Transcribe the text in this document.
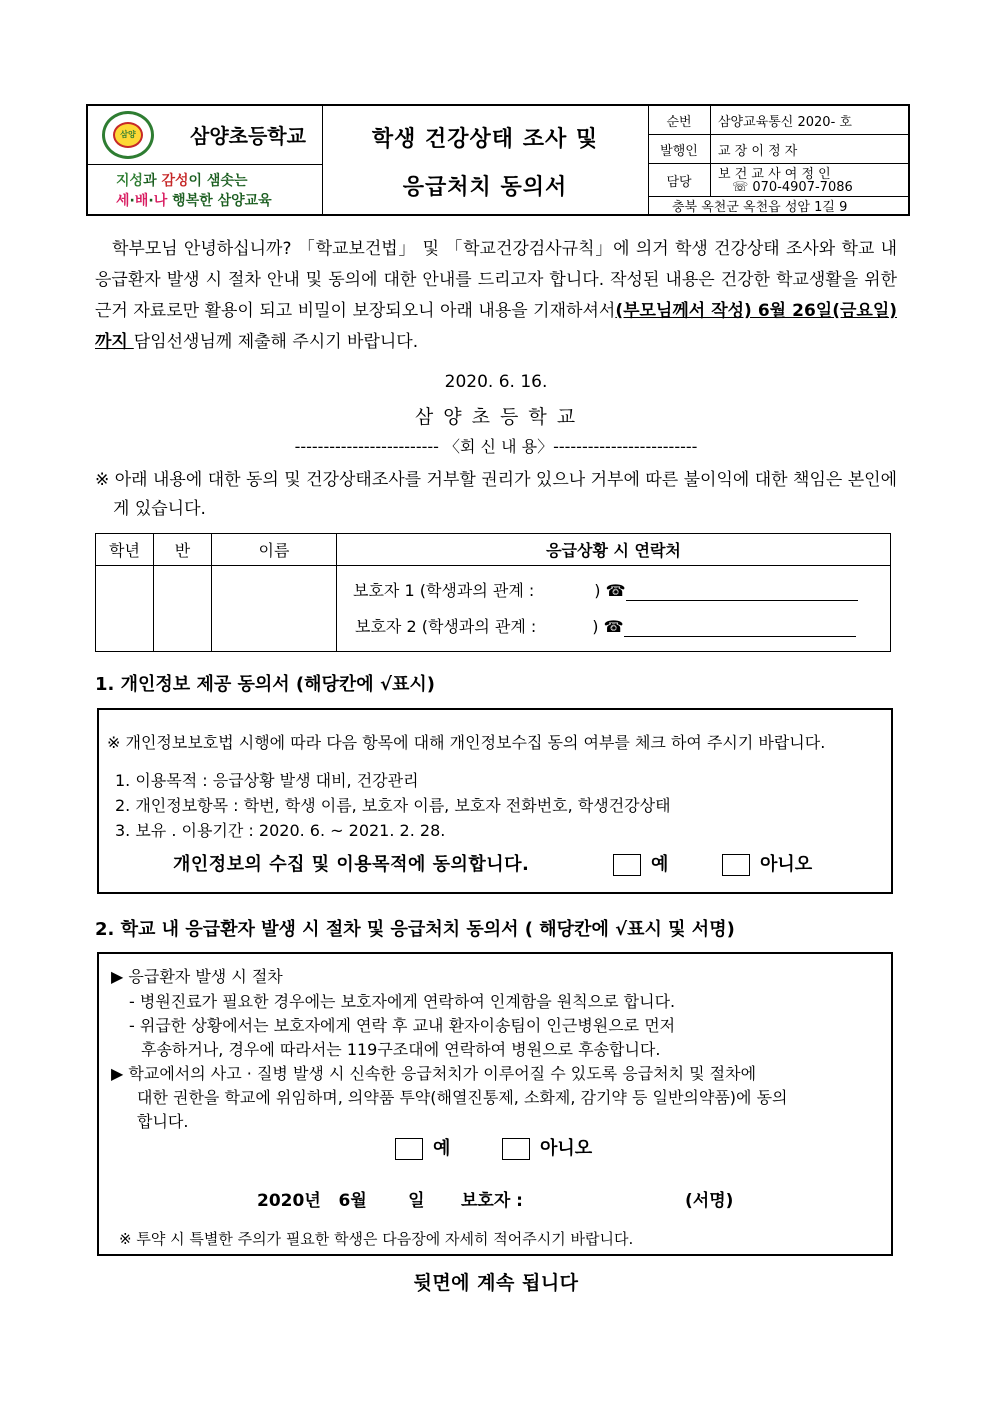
삼양	삼양초등학교
지성과 감성이 샘솟는
세·배·나 행복한 삼양교육
학생 건강상태 조사 및
응급처치 동의서
순번	삼양교육통신 2020- 호
발행인	교 장 이 정 자
담당
보 건 교 사 여 정 인
☏ 070-4907-7086
충북 옥천군 옥천읍 성암 1길 9
학부모님 안녕하십니까? 「학교보건법」 및 「학교건강검사규칙」에 의거 학생 건강상태 조사와 학교 내 응급환자 발생 시 절차 안내 및 동의에 대한 안내를 드리고자 합니다. 작성된 내용은 건강한 학교생활을 위한 근거 자료로만 활용이 되고 비밀이 보장되오니 아래 내용을 기재하셔서(부모님께서 작성) 6월 26일(금요일)까지 담임선생님께 제출해 주시기 바랍니다.
2020. 6. 16.
삼 양 초 등 학 교
------------------------- 〈회 신 내 용〉-------------------------
※ 아래 내용에 대한 동의 및 건강상태조사를 거부할 권리가 있으나 거부에 따른 불이익에 대한 책임은 본인에게 있습니다.
학년	반	이름	응급상황 시 연락처

			보호자 1 (학생과의 관계 : ) ☎
보호자 2 (학생과의 관계 : ) ☎
1. 개인정보 제공 동의서 (해당칸에 √표시)
※ 개인정보보호법 시행에 따라 다음 항목에 대해 개인정보수집 동의 여부를 체크 하여 주시기 바랍니다.
1. 이용목적 : 응급상황 발생 대비, 건강관리
2. 개인정보항목 : 학번, 학생 이름, 보호자 이름, 보호자 전화번호, 학생건강상태
3. 보유 . 이용기간 : 2020. 6. ~ 2021. 2. 28.
개인정보의 수집 및 이용목적에 동의합니다.	예	아니오
2. 학교 내 응급환자 발생 시 절차 및 응급처치 동의서 ( 해당칸에 √표시 및 서명)
▶ 응급환자 발생 시 절차
- 병원진료가 필요한 경우에는 보호자에게 연락하여 인계함을 원칙으로 합니다.
- 위급한 상황에서는 보호자에게 연락 후 교내 환자이송팀이 인근병원으로 먼저
후송하거나, 경우에 따라서는 119구조대에 연락하여 병원으로 후송합니다.
▶ 학교에서의 사고 · 질병 발생 시 신속한 응급처치가 이루어질 수 있도록 응급처치 및 절차에
대한 권한을 학교에 위임하며, 의약품 투약(해열진통제, 소화제, 감기약 등 일반의약품)에 동의
합니다.
예	아니오
2020년   6월       일 보호자 :	(서명)
※ 투약 시 특별한 주의가 필요한 학생은 다음장에 자세히 적어주시기 바랍니다.
뒷면에 계속 됩니다
